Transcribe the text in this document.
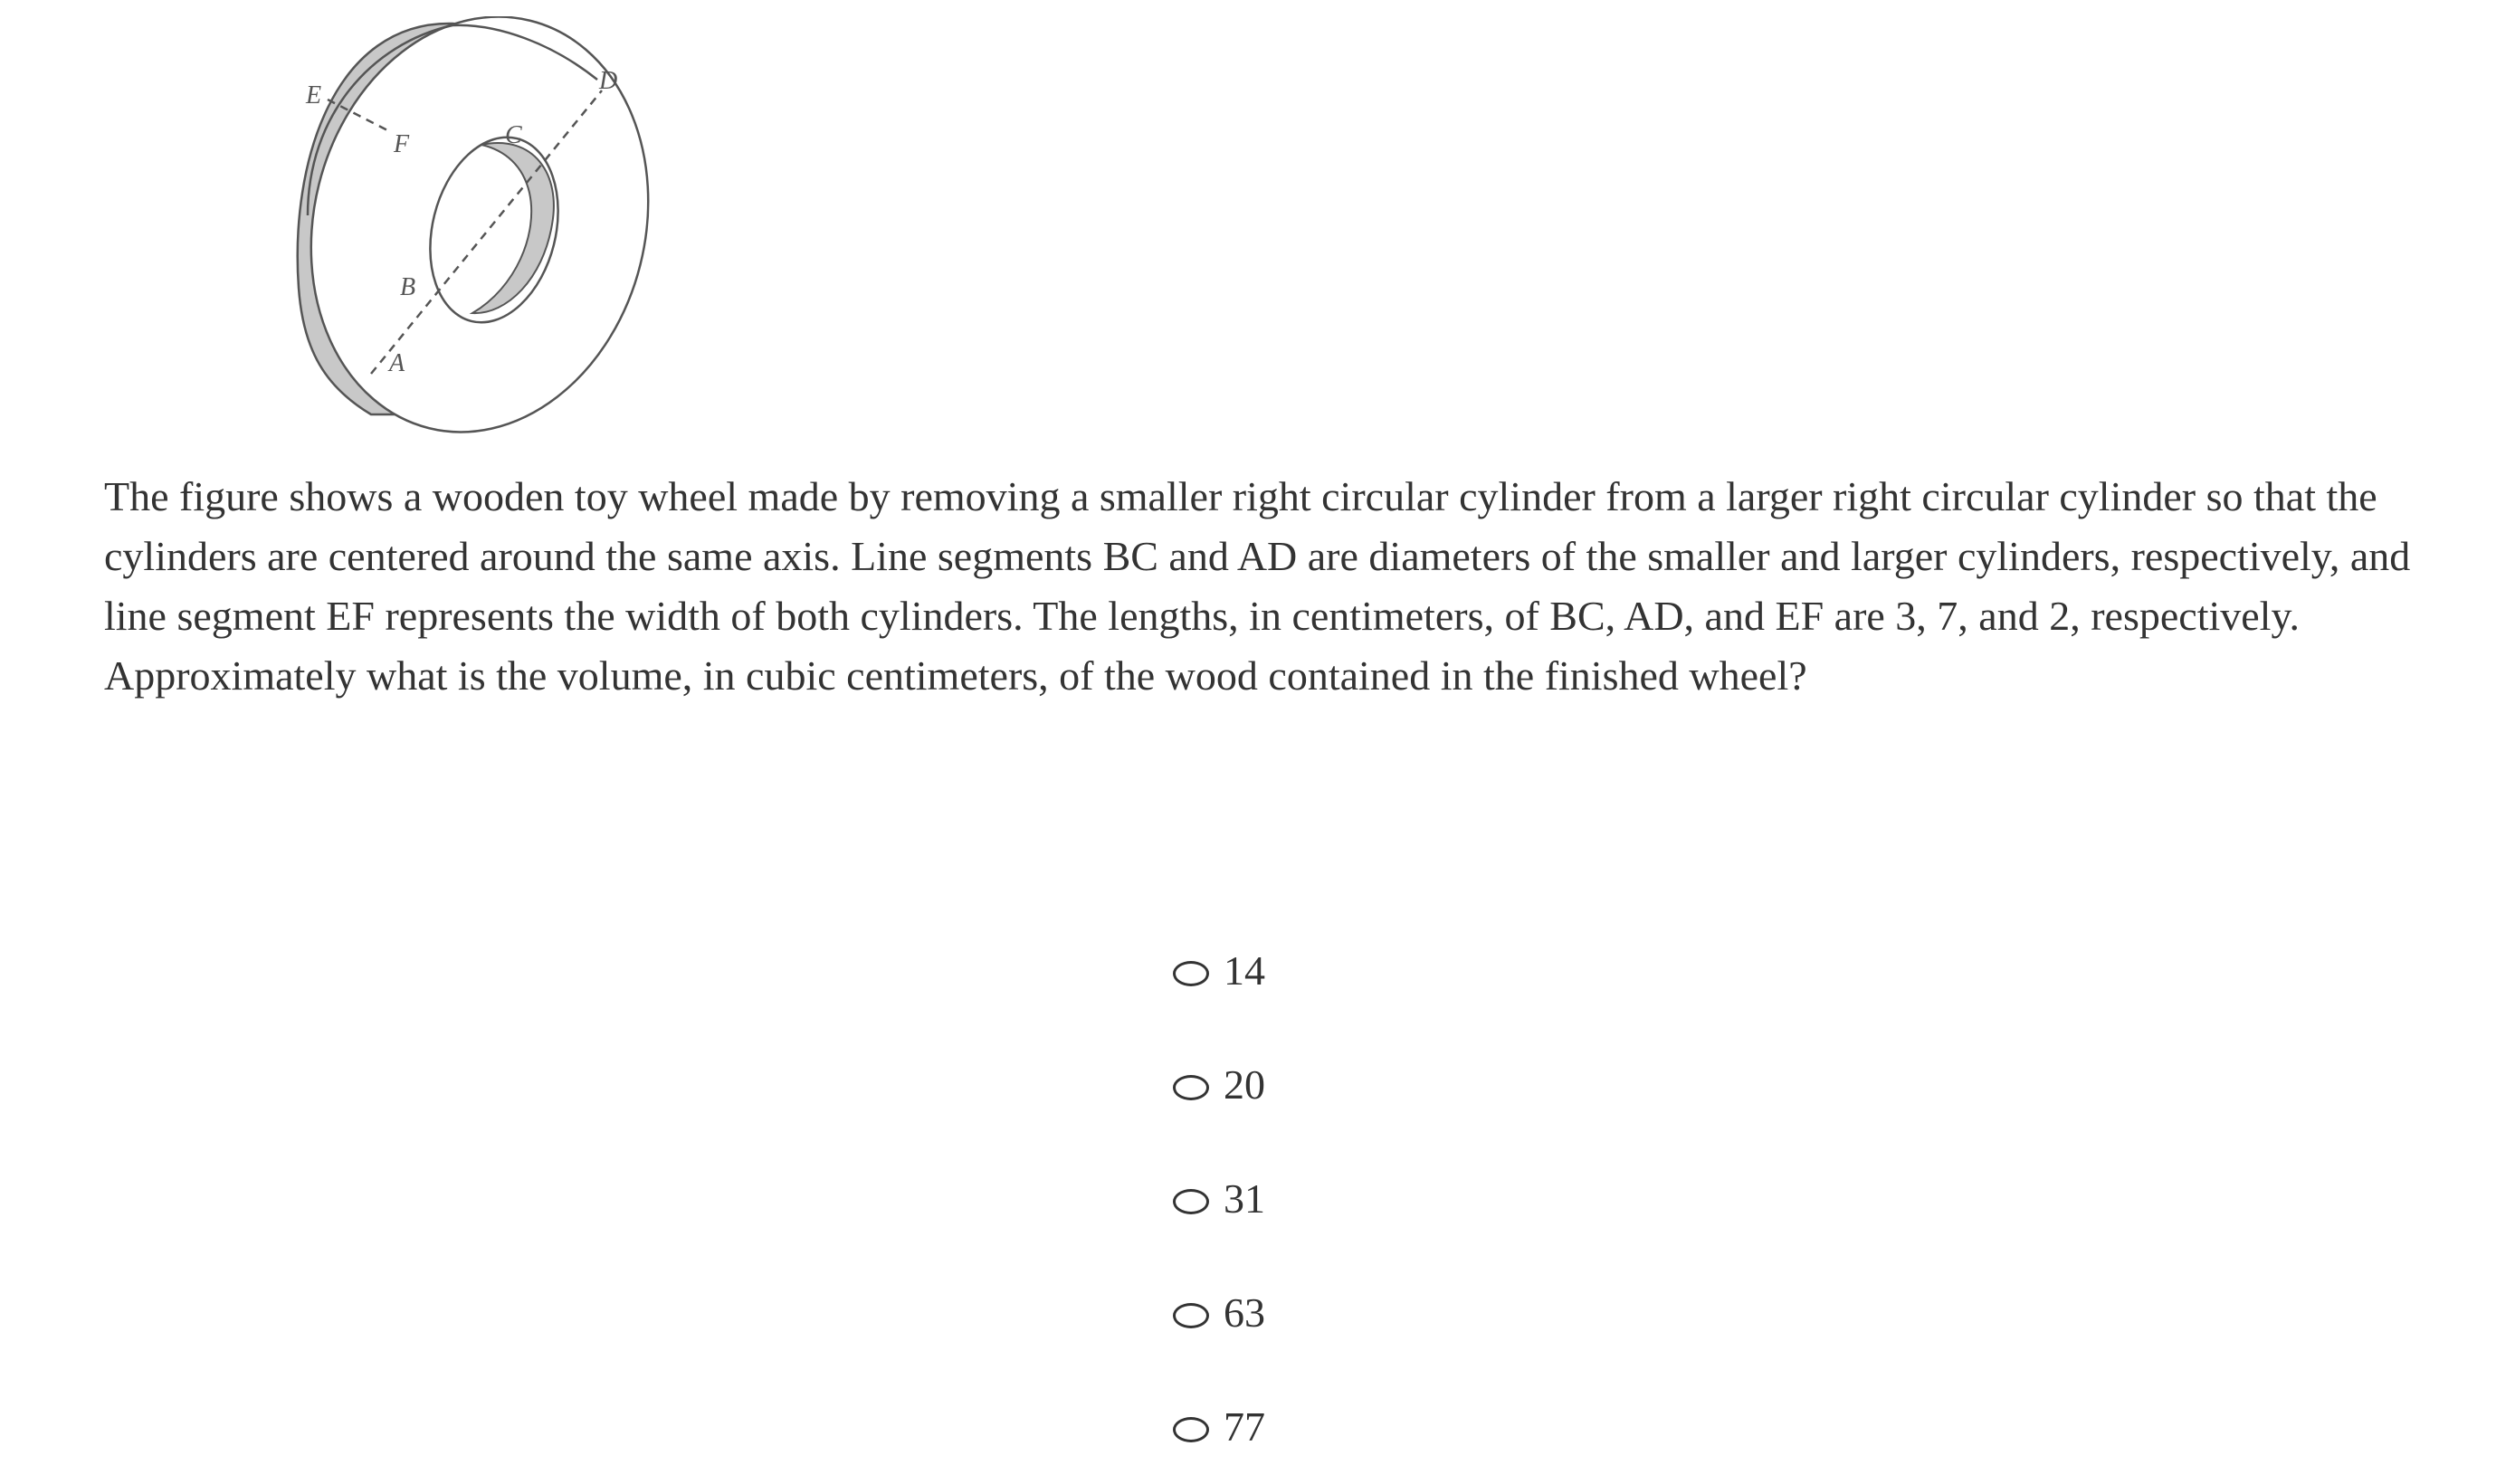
E
F	C
D
B
A

The figure shows a wooden toy wheel made by removing a smaller right circular cylinder from a larger right circular cylinder so that the cylinders are centered around the same axis. Line segments BC and AD are diameters of the smaller and larger cylinders, respectively, and line segment EF represents the width of both cylinders. The lengths, in centimeters, of BC, AD, and EF are 3, 7, and 2, respectively. Approximately what is the volume, in cubic centimeters, of the wood contained in the finished wheel?

14
20
31
63
77
